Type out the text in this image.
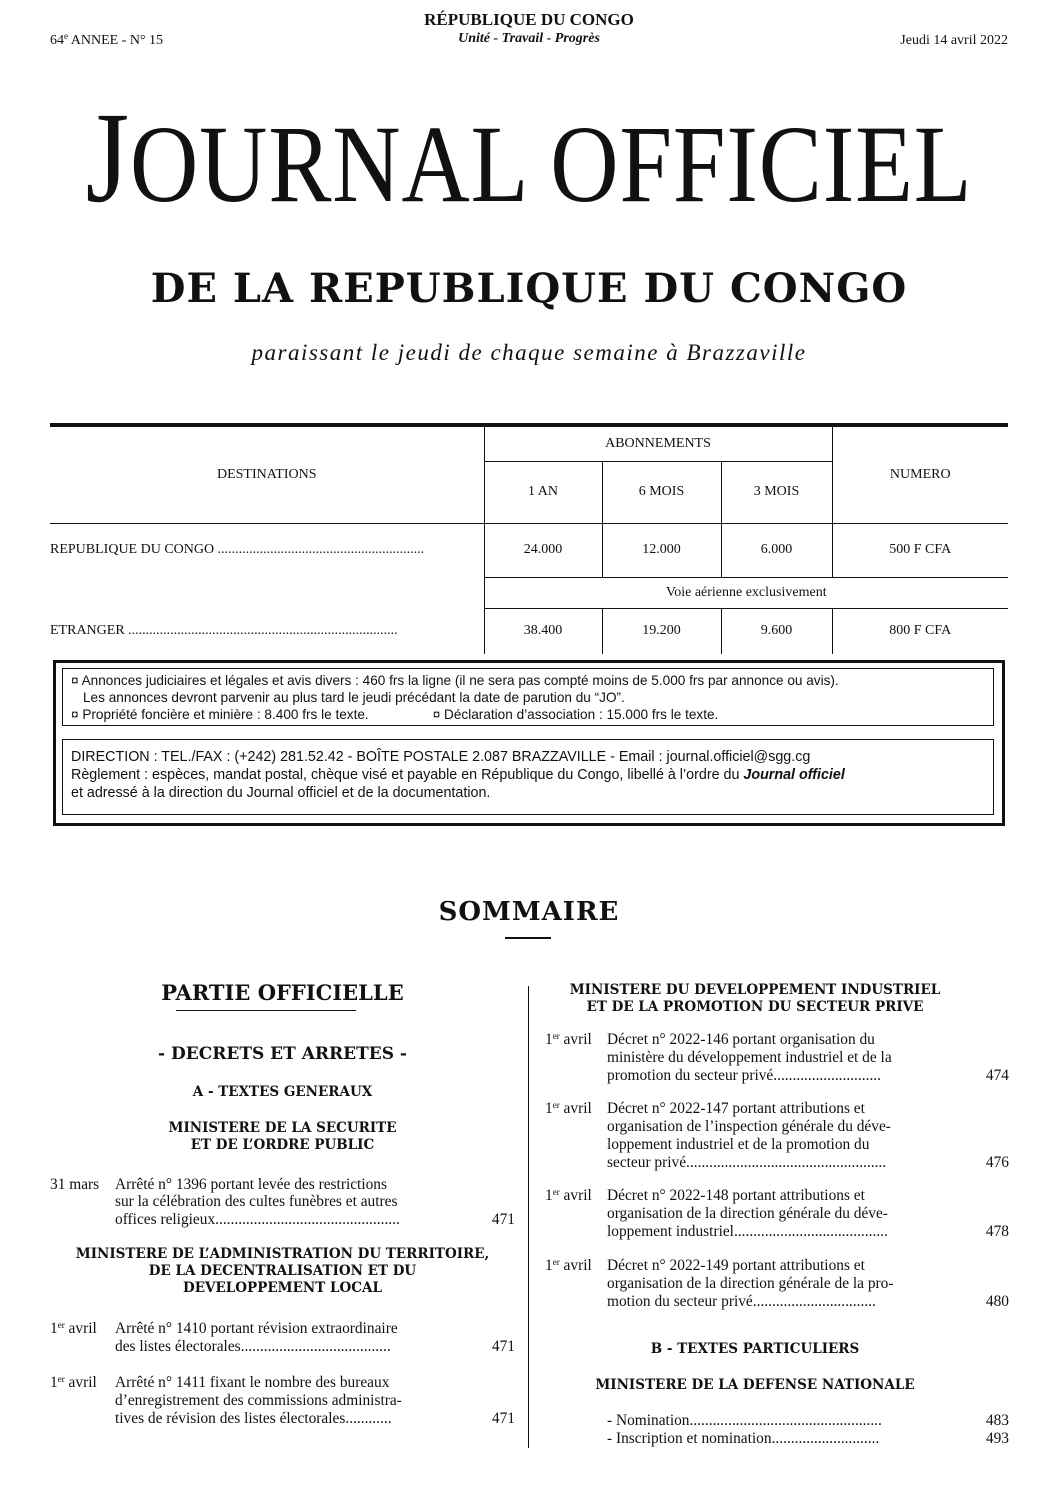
RÉPUBLIQUE DU CONGO
Unité - Travail - Progrès
64e ANNEE - N° 15	Jeudi 14 avril 2022
JOURNAL OFFICIEL
DE LA REPUBLIQUE DU CONGO
paraissant le jeudi de chaque semaine à Brazzaville
DESTINATIONS	ABONNEMENTS			NUMERO
	1 AN	6 MOIS	3 MOIS	
REPUBLIQUE DU CONGO ...........................................................	24.000	12.000	6.000	500 F CFA
	Voie aérienne exclusivement			
ETRANGER .............................................................................	38.400	19.200	9.600	800 F CFA
¤ Annonces judiciaires et légales et avis divers : 460 frs la ligne (il ne sera pas compté moins de 5.000 frs par annonce ou avis).
Les annonces devront parvenir au plus tard le jeudi précédant la date de parution du “JO”.
¤ Propriété foncière et minière : 8.400 frs le texte.	¤ Déclaration d’association : 15.000 frs le texte.
DIRECTION : TEL./FAX : (+242) 281.52.42 - BOÎTE POSTALE 2.087 BRAZZAVILLE - Email : journal.officiel@sgg.cg
Règlement : espèces, mandat postal, chèque visé et payable en République du Congo, libellé à l’ordre du Journal officiel
et adressé à la direction du Journal officiel et de la documentation.
SOMMAIRE
PARTIE OFFICIELLE
- DECRETS ET ARRETES -
A - TEXTES GENERAUX
MINISTERE DE LA SECURITE
ET DE L’ORDRE PUBLIC
31 mars Arrêté n° 1396 portant levée des restrictions
sur la célébration des cultes funèbres et autres
offices religieux................................................	471
MINISTERE DE L’ADMINISTRATION DU TERRITOIRE,
DE LA DECENTRALISATION ET DU
DEVELOPPEMENT LOCAL
1er avril Arrêté n° 1410 portant révision extraordinaire
des listes électorales.......................................	471
1er avril Arrêté n° 1411 fixant le nombre des bureaux
d’enregistrement des commissions administra-
tives de révision des listes électorales............	471
MINISTERE DU DEVELOPPEMENT INDUSTRIEL
ET DE LA PROMOTION DU SECTEUR PRIVE
1er avril Décret n° 2022-146 portant organisation du
ministère du développement industriel et de la
promotion du secteur privé............................	474
1er avril Décret n° 2022-147 portant attributions et
organisation de l’inspection générale du déve-
loppement industriel et de la promotion du
secteur privé....................................................	476
1er avril Décret n° 2022-148 portant attributions et
organisation de la direction générale du déve-
loppement industriel........................................	478
1er avril Décret n° 2022-149 portant attributions et
organisation de la direction générale de la pro-
motion du secteur privé................................	480
B - TEXTES PARTICULIERS
MINISTERE DE LA DEFENSE NATIONALE
- Nomination..................................................	483
- Inscription et nomination............................	493
